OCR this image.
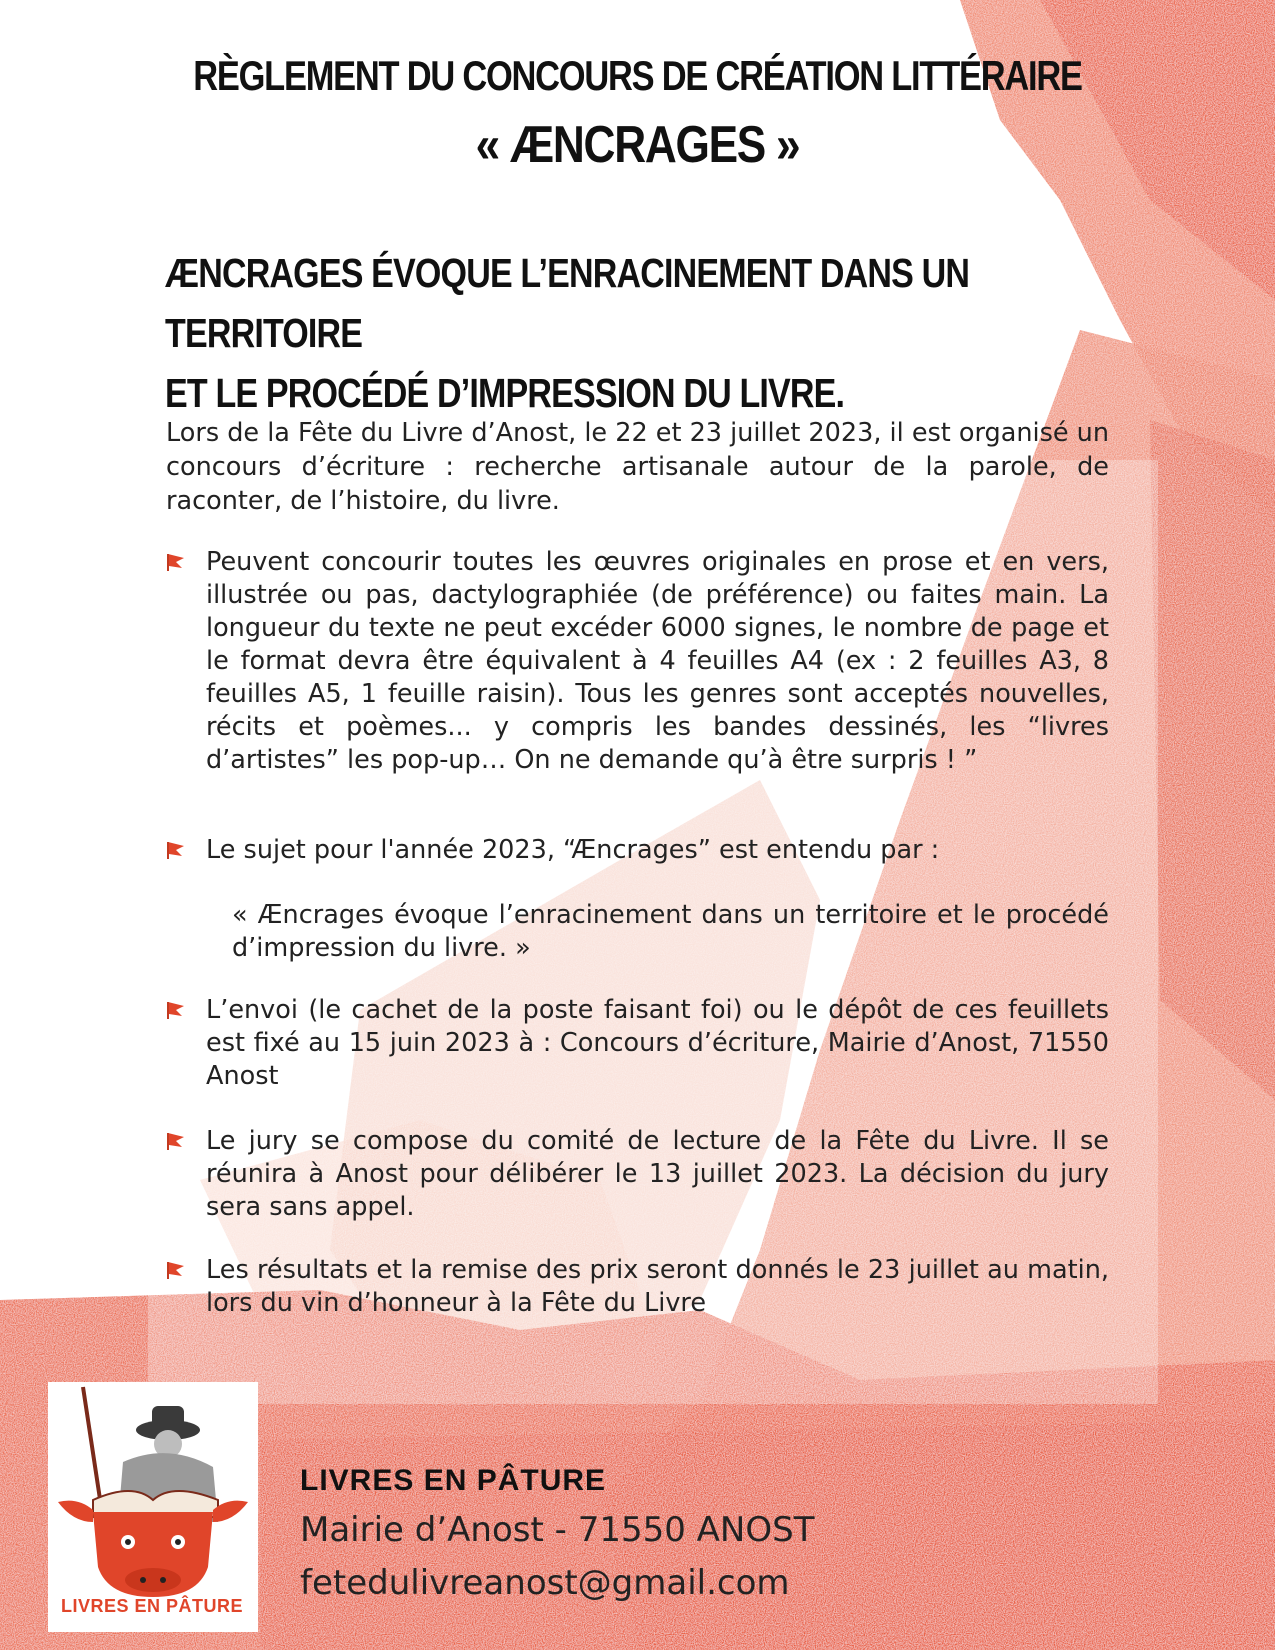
RÈGLEMENT DU CONCOURS DE CRÉATION LITTÉRAIRE
« ÆNCRAGES »
ÆNCRAGES ÉVOQUE L’ENRACINEMENT DANS UN TERRITOIRE
ET LE PROCÉDÉ D’IMPRESSION DU LIVRE.
Lors de la Fête du Livre d’Anost, le 22 et 23 juillet 2023, il est organisé un concours d’écriture : recherche artisanale autour de la parole, de raconter, de l’histoire, du livre.
Peuvent concourir toutes les œuvres originales en prose et en vers, illustrée ou pas, dactylographiée (de préférence) ou faites main. La longueur du texte ne peut excéder 6000 signes, le nombre de page et le format devra être équivalent à 4 feuilles A4 (ex : 2 feuilles A3, 8 feuilles A5, 1 feuille raisin). Tous les genres sont acceptés nouvelles, récits et poèmes... y compris les bandes dessinés, les “livres d’artistes” les pop-up… On ne demande qu’à être surpris ! ”
Le sujet pour l'année 2023, “Æncrages” est entendu par :
« Æncrages évoque l’enracinement dans un territoire et le procédé d’impression du livre. »
L’envoi (le cachet de la poste faisant foi) ou le dépôt de ces feuillets est fixé au 15 juin 2023 à : Concours d’écriture, Mairie d’Anost, 71550 Anost
Le jury se compose du comité de lecture de la Fête du Livre. Il se réunira à Anost pour délibérer le 13 juillet 2023. La décision du jury sera sans appel.
Les résultats et la remise des prix seront donnés le 23 juillet au matin, lors du vin d’honneur à la Fête du Livre
LIVRES EN PÂTURE
LIVRES EN PÂTURE
Mairie d’Anost - 71550 ANOST
fetedulivreanost@gmail.com
